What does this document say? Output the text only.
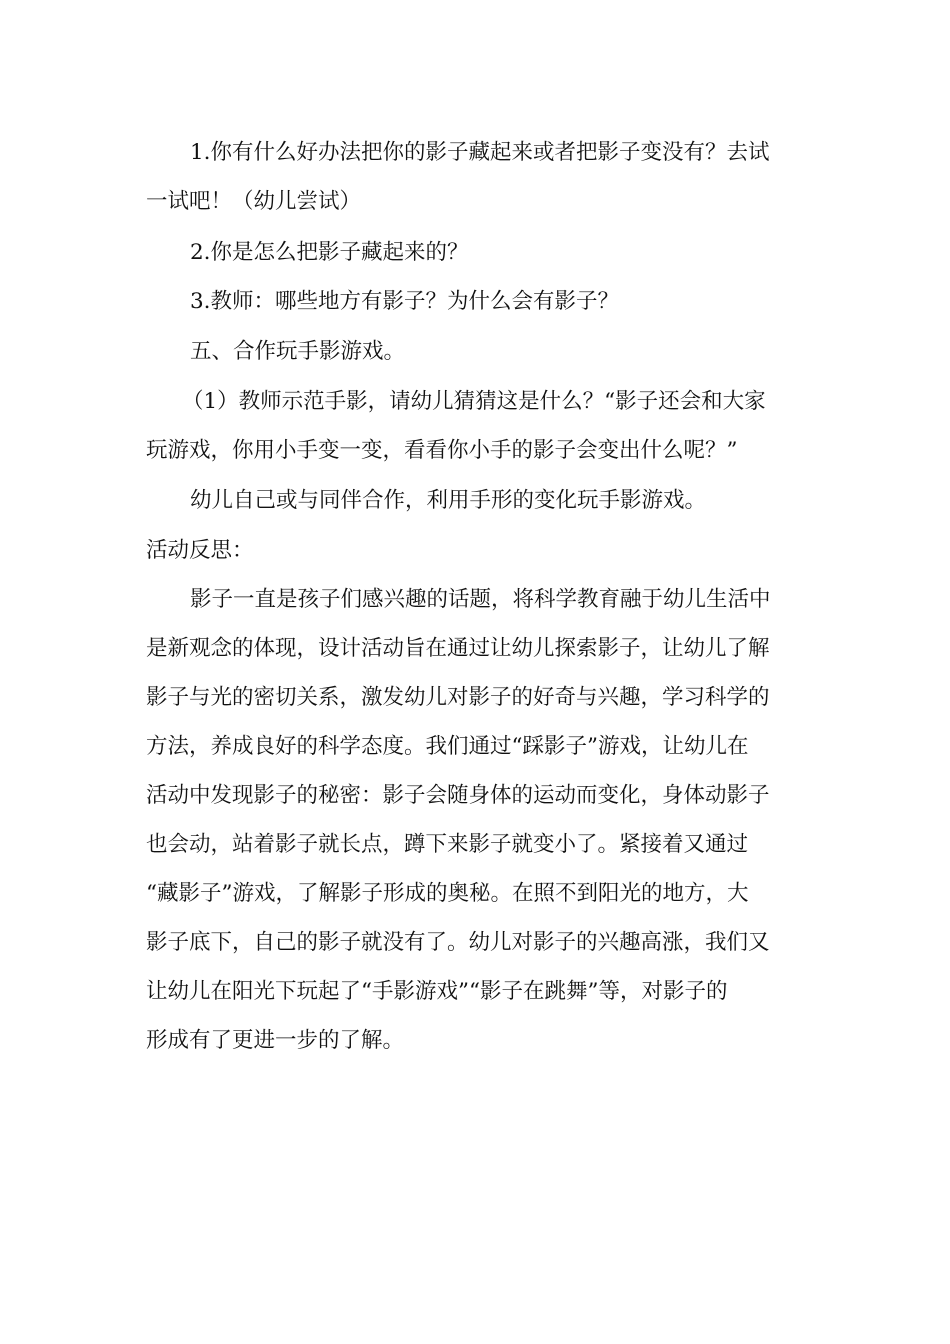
1.你有什么好办法把你的影子藏起来或者把影子变没有？去试
一试吧！（幼儿尝试）

2.你是怎么把影子藏起来的？

3.教师：哪些地方有影子？为什么会有影子？

五、合作玩手影游戏。

（1）教师示范手影，请幼儿猜猜这是什么？“影子还会和大家
玩游戏，你用小手变一变，看看你小手的影子会变出什么呢？”

幼儿自己或与同伴合作，利用手形的变化玩手影游戏。

活动反思：

影子一直是孩子们感兴趣的话题，将科学教育融于幼儿生活中
是新观念的体现，设计活动旨在通过让幼儿探索影子，让幼儿了解
影子与光的密切关系，激发幼儿对影子的好奇与兴趣，学习科学的
方法，养成良好的科学态度。我们通过“踩影子”游戏，让幼儿在
活动中发现影子的秘密：影子会随身体的运动而变化，身体动影子
也会动，站着影子就长点，蹲下来影子就变小了。紧接着又通过
“藏影子”游戏，了解影子形成的奥秘。在照不到阳光的地方，大
影子底下，自己的影子就没有了。幼儿对影子的兴趣高涨，我们又
让幼儿在阳光下玩起了“手影游戏”“影子在跳舞”等，对影子的
形成有了更进一步的了解。
